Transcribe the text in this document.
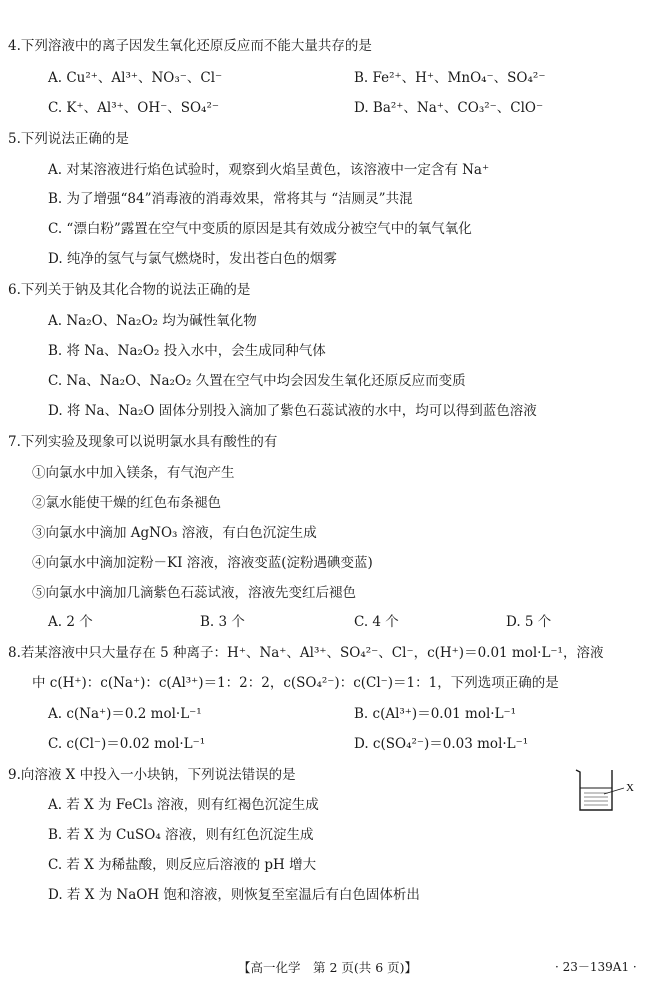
4.下列溶液中的离子因发生氧化还原反应而不能大量共存的是
A. Cu²⁺、Al³⁺、NO₃⁻、Cl⁻	B. Fe²⁺、H⁺、MnO₄⁻、SO₄²⁻
C. K⁺、Al³⁺、OH⁻、SO₄²⁻	D. Ba²⁺、Na⁺、CO₃²⁻、ClO⁻
5.下列说法正确的是
A. 对某溶液进行焰色试验时，观察到火焰呈黄色，该溶液中一定含有 Na⁺
B. 为了增强“84”消毒液的消毒效果，常将其与 “洁厕灵”共混
C. “漂白粉”露置在空气中变质的原因是其有效成分被空气中的氧气氧化
D. 纯净的氢气与氯气燃烧时，发出苍白色的烟雾
6.下列关于钠及其化合物的说法正确的是
A. Na₂O、Na₂O₂ 均为碱性氧化物
B. 将 Na、Na₂O₂ 投入水中，会生成同种气体
C. Na、Na₂O、Na₂O₂ 久置在空气中均会因发生氧化还原反应而变质
D. 将 Na、Na₂O 固体分别投入滴加了紫色石蕊试液的水中，均可以得到蓝色溶液
7.下列实验及现象可以说明氯水具有酸性的有
①向氯水中加入镁条，有气泡产生
②氯水能使干燥的红色布条褪色
③向氯水中滴加 AgNO₃ 溶液，有白色沉淀生成
④向氯水中滴加淀粉－KI 溶液，溶液变蓝(淀粉遇碘变蓝)
⑤向氯水中滴加几滴紫色石蕊试液，溶液先变红后褪色
A. 2 个	B. 3 个	C. 4 个	D. 5 个
8.若某溶液中只大量存在 5 种离子：H⁺、Na⁺、Al³⁺、SO₄²⁻、Cl⁻，c(H⁺)＝0.01 mol·L⁻¹，溶液
中 c(H⁺)：c(Na⁺)：c(Al³⁺)＝1：2：2，c(SO₄²⁻)：c(Cl⁻)＝1：1，下列选项正确的是
A. c(Na⁺)＝0.2 mol·L⁻¹	B. c(Al³⁺)＝0.01 mol·L⁻¹
C. c(Cl⁻)＝0.02 mol·L⁻¹	D. c(SO₄²⁻)＝0.03 mol·L⁻¹
9.向溶液 X 中投入一小块钠，下列说法错误的是
A. 若 X 为 FeCl₃ 溶液，则有红褐色沉淀生成
B. 若 X 为 CuSO₄ 溶液，则有红色沉淀生成
C. 若 X 为稀盐酸，则反应后溶液的 pH 增大
D. 若 X 为 NaOH 饱和溶液，则恢复至室温后有白色固体析出
X
【高一化学　第 2 页(共 6 页)】	· 23－139A1 ·
